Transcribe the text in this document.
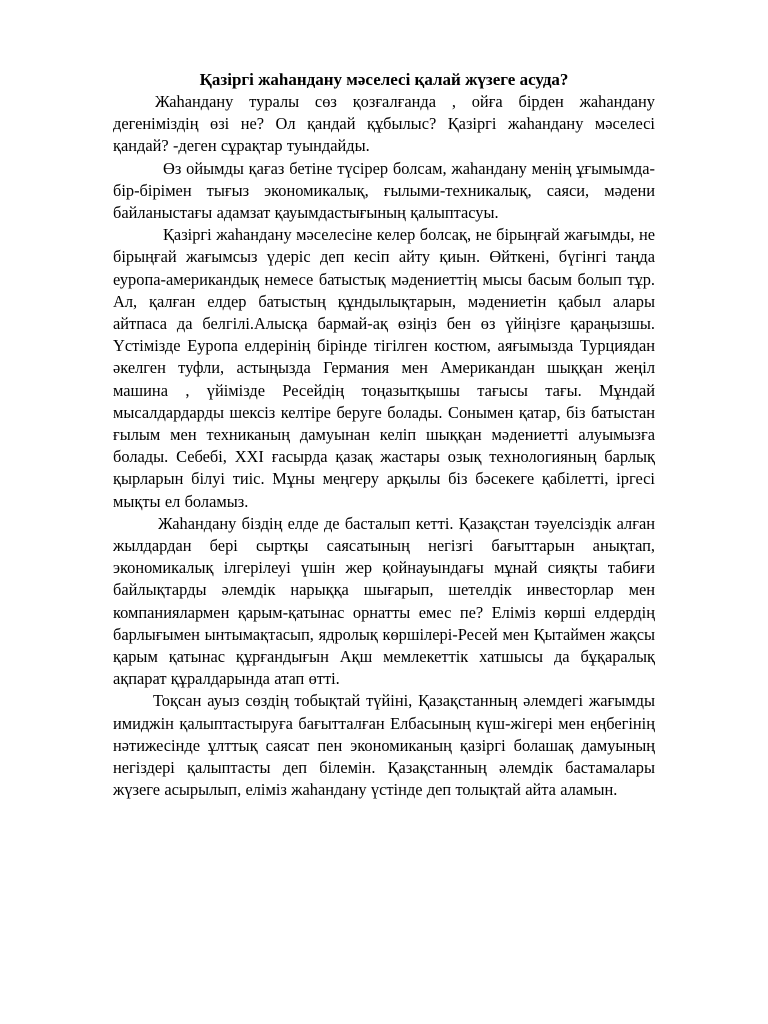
Қазіргі жаһандану мәселесі қалай жүзеге асуда?

Жаһандану туралы сөз қозғалғанда , ойға бірден жаһандану дегеніміздің өзі не? Ол қандай құбылыс? Қазіргі жаһандану мәселесі қандай? -деген сұрақтар туындайды.

Өз ойымды қағаз бетіне түсірер болсам, жаһандану менің ұғымымда-бір-бірімен тығыз экономикалық, ғылыми-техникалық, саяси, мәдени байланыстағы адамзат қауымдастығының қалыптасуы.

Қазіргі жаһандану мәселесіне келер болсақ, не бірыңғай жағымды, не бірыңғай жағымсыз үдеріс деп кесіп айту қиын. Өйткені, бүгінгі таңда еуропа-американдық немесе батыстық мәдениеттің мысы басым болып тұр. Ал, қалған елдер батыстың құндылықтарын, мәдениетін қабыл алары айтпаса да белгілі.Алысқа бармай-ақ өзіңіз бен өз үйіңізге қараңызшы. Үстімізде Еуропа елдерінің бірінде тігілген костюм, аяғымызда Турциядан әкелген туфли, астыңызда Германия мен Американдан шыққан жеңіл машина , үйімізде Ресейдің тоңазытқышы тағысы тағы. Мұндай мысалдардарды шексіз келтіре беруге болады. Сонымен қатар, біз батыстан ғылым мен техниканың дамуынан келіп шыққан мәдениетті алуымызға болады. Себебі, XXI ғасырда қазақ жастары озық технологияның барлық қырларын білуі тиіс. Мұны меңгеру арқылы біз бәсекеге қабілетті, іргесі мықты ел боламыз.

Жаһандану біздің елде де басталып кетті. Қазақстан тәуелсіздік алған жылдардан бері сыртқы саясатының негізгі бағыттарын анықтап, экономикалық ілгерілеуі үшін жер қойнауындағы мұнай сияқты табиғи байлықтарды әлемдік нарыққа шығарып, шетелдік инвесторлар мен компаниялармен қарым-қатынас орнатты емес пе? Еліміз көрші елдердің барлығымен ынтымақтасып, ядролық көршілері-Ресей мен Қытаймен жақсы қарым қатынас құрғандығын Ақш мемлекеттік хатшысы да бұқаралық ақпарат құралдарында атап өтті.

Тоқсан ауыз сөздің тобықтай түйіні, Қазақстанның әлемдегі жағымды имиджін қалыптастыруға бағытталған Елбасының күш-жігері мен еңбегінің нәтижесінде ұлттық саясат пен экономиканың қазіргі болашақ дамуының негіздері қалыптасты деп білемін. Қазақстанның әлемдік бастамалары жүзеге асырылып, еліміз жаһандану үстінде деп толықтай айта аламын.
